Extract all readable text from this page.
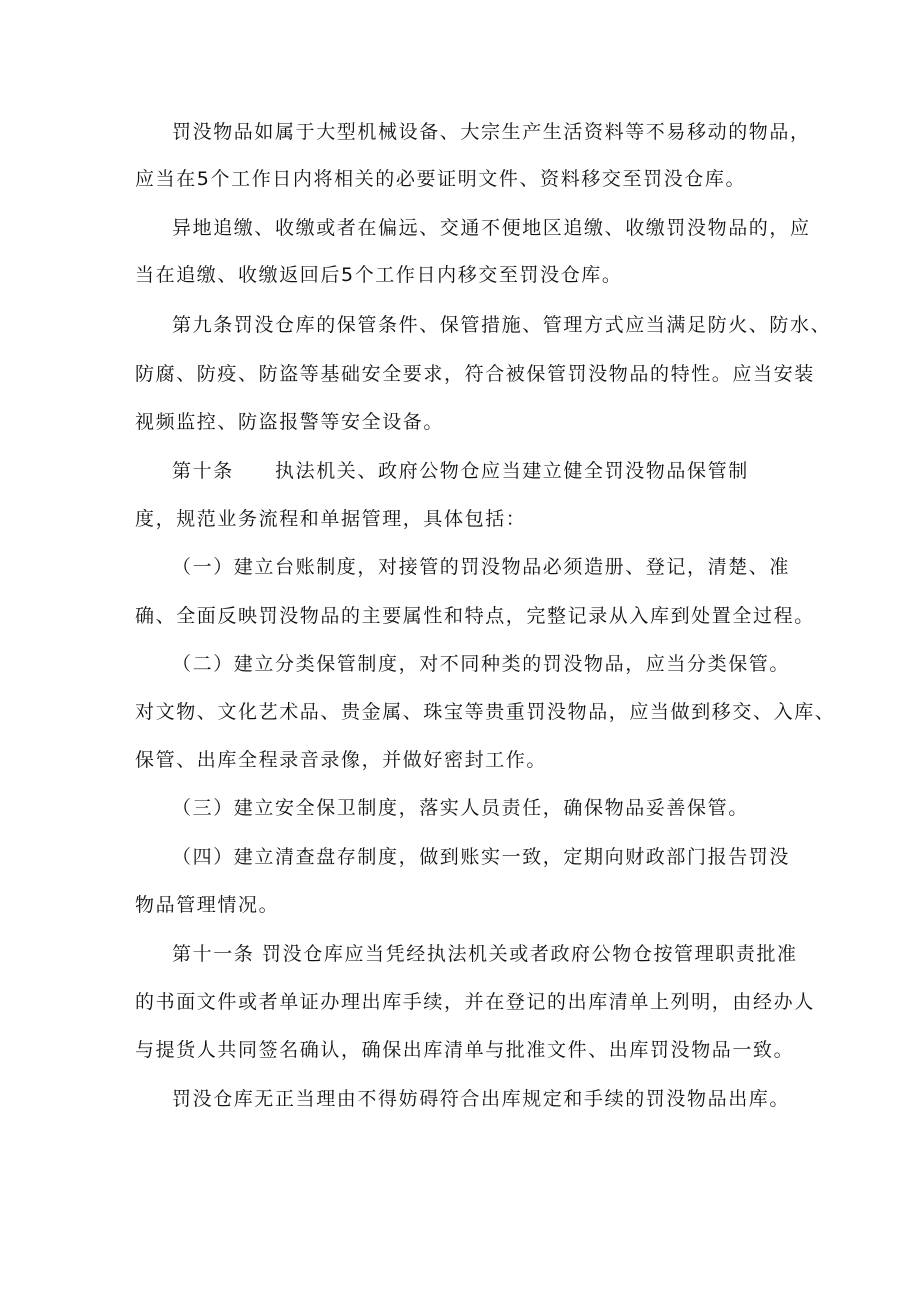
罚没物品如属于大型机械设备、大宗生产生活资料等不易移动的物品，
应当在5个工作日内将相关的必要证明文件、资料移交至罚没仓库。
异地追缴、收缴或者在偏远、交通不便地区追缴、收缴罚没物品的，应
当在追缴、收缴返回后5个工作日内移交至罚没仓库。
第九条罚没仓库的保管条件、保管措施、管理方式应当满足防火、防水、
防腐、防疫、防盗等基础安全要求，符合被保管罚没物品的特性。应当安装
视频监控、防盗报警等安全设备。
第十条　　执法机关、政府公物仓应当建立健全罚没物品保管制
度，规范业务流程和单据管理，具体包括：
（一）建立台账制度，对接管的罚没物品必须造册、登记，清楚、准
确、全面反映罚没物品的主要属性和特点，完整记录从入库到处置全过程。
（二）建立分类保管制度，对不同种类的罚没物品，应当分类保管。
对文物、文化艺术品、贵金属、珠宝等贵重罚没物品，应当做到移交、入库、
保管、出库全程录音录像，并做好密封工作。
（三）建立安全保卫制度，落实人员责任，确保物品妥善保管。
（四）建立清查盘存制度，做到账实一致，定期向财政部门报告罚没
物品管理情况。
第十一条 罚没仓库应当凭经执法机关或者政府公物仓按管理职责批准
的书面文件或者单证办理出库手续，并在登记的出库清单上列明，由经办人
与提货人共同签名确认，确保出库清单与批准文件、出库罚没物品一致。
罚没仓库无正当理由不得妨碍符合出库规定和手续的罚没物品出库。
